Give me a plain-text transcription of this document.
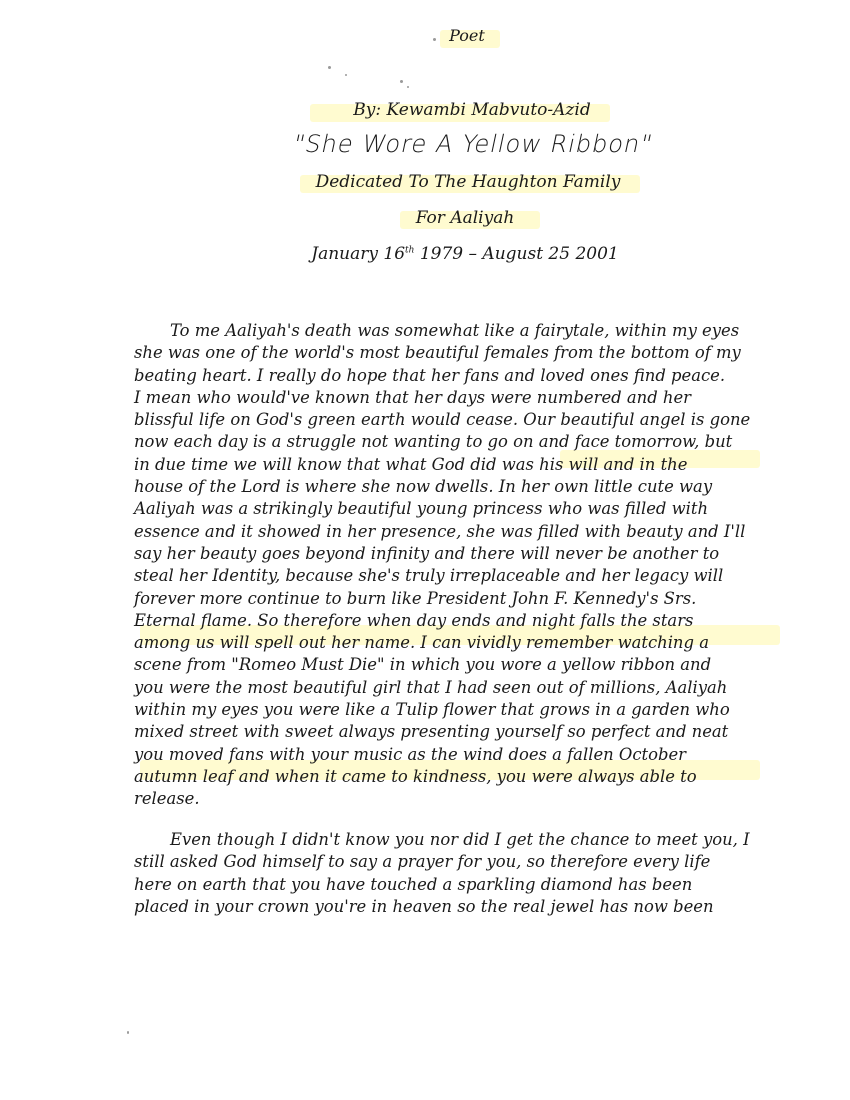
Poet
By: Kewambi Mabvuto-Azid
"She Wore A Yellow Ribbon"
Dedicated To The Haughton Family
For Aaliyah
January 16th 1979 – August 25 2001
To me Aaliyah's death was somewhat like a fairytale, within my eyes
she was one of the world's most beautiful females from the bottom of my
beating heart. I really do hope that her fans and loved ones find peace.
I mean who would've known that her days were numbered and her
blissful life on God's green earth would cease. Our beautiful angel is gone
now each day is a struggle not wanting to go on and face tomorrow, but
in due time we will know that what God did was his will and in the
house of the Lord is where she now dwells. In her own little cute way
Aaliyah was a strikingly beautiful young princess who was filled with
essence and it showed in her presence, she was filled with beauty and I'll
say her beauty goes beyond infinity and there will never be another to
steal her Identity, because she's truly irreplaceable and her legacy will
forever more continue to burn like President John F. Kennedy's Srs.
Eternal flame. So therefore when day ends and night falls the stars
among us will spell out her name. I can vividly remember watching a
scene from "Romeo Must Die" in which you wore a yellow ribbon and
you were the most beautiful girl that I had seen out of millions, Aaliyah
within my eyes you were like a Tulip flower that grows in a garden who
mixed street with sweet always presenting yourself so perfect and neat
you moved fans with your music as the wind does a fallen October
autumn leaf and when it came to kindness, you were always able to
release.
Even though I didn't know you nor did I get the chance to meet you, I
still asked God himself to say a prayer for you, so therefore every life
here on earth that you have touched a sparkling diamond has been
placed in your crown you're in heaven so the real jewel has now been
